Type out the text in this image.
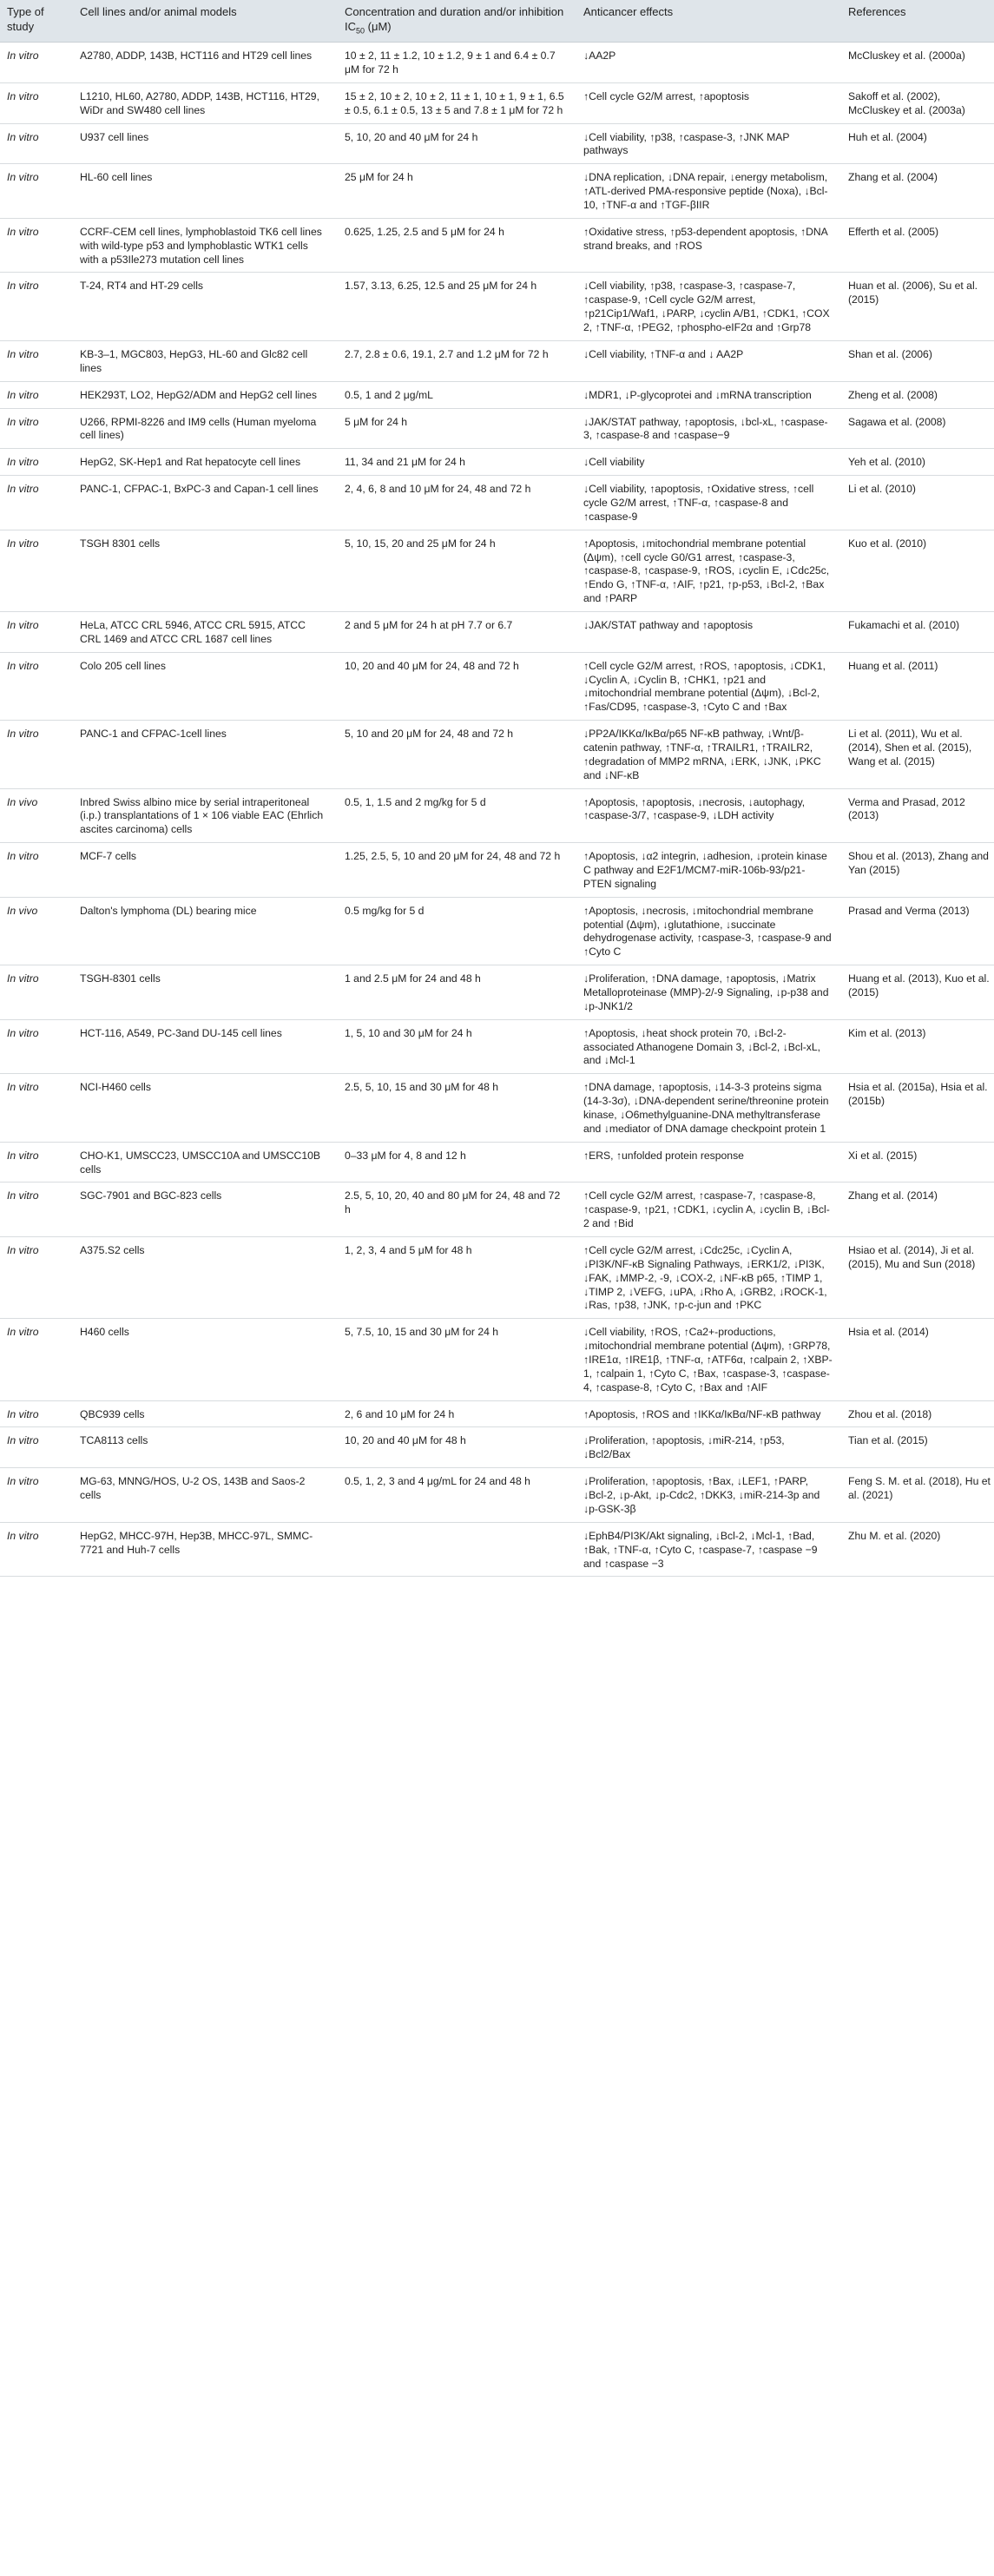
Type of study	Cell lines and/or animal models	Concentration and duration and/or inhibition $IC_{50}$ (μM)	Anticancer effects	References
In vitro	A2780, ADDP, 143B, HCT116 and HT29 cell lines	10 ± 2, 11 ± 1.2, 10 ± 1.2, 9 ± 1 and 6.4 ± 0.7 μM for 72 h	↓AA2P	McCluskey et al. (2000a)
In vitro	L1210, HL60, A2780, ADDP, 143B, HCT116, HT29, WiDr and SW480 cell lines	15 ± 2, 10 ± 2, 10 ± 2, 11 ± 1, 10 ± 1, 9 ± 1, 6.5 ± 0.5, 6.1 ± 0.5, 13 ± 5 and 7.8 ± 1 μM for 72 h	↑Cell cycle G2/M arrest, ↑apoptosis	Sakoff et al. (2002), McCluskey et al. (2003a)
In vitro	U937 cell lines	5, 10, 20 and 40 μM for 24 h	↓Cell viability, ↑p38, ↑caspase-3, ↑JNK MAP pathways	Huh et al. (2004)
In vitro	HL-60 cell lines	25 μM for 24 h	↓DNA replication, ↓DNA repair, ↓energy metabolism, ↑ATL-derived PMA-responsive peptide (Noxa), ↓Bcl-10, ↑TNF-α and ↑TGF-βIIR	Zhang et al. (2004)
In vitro	CCRF-CEM cell lines, lymphoblastoid TK6 cell lines with wild-type p53 and lymphoblastic WTK1 cells with a p53Ile273 mutation cell lines	0.625, 1.25, 2.5 and 5 μM for 24 h	↑Oxidative stress, ↑p53-dependent apoptosis, ↑DNA strand breaks, and ↑ROS	Efferth et al. (2005)
In vitro	T-24, RT4 and HT-29 cells	1.57, 3.13, 6.25, 12.5 and 25 μM for 24 h	↓Cell viability, ↑p38, ↑caspase-3, ↑caspase-7, ↑caspase-9, ↑Cell cycle G2/M arrest, ↑p21Cip1/Waf1, ↓PARP, ↓cyclin A/B1, ↑CDK1, ↑COX 2, ↑TNF-α, ↑PEG2, ↑phospho-eIF2α and ↑Grp78	Huan et al. (2006), Su et al. (2015)
In vitro	KB-3–1, MGC803, HepG3, HL-60 and Glc82 cell lines	2.7, 2.8 ± 0.6, 19.1, 2.7 and 1.2 μM for 72 h	↓Cell viability, ↑TNF-α and ↓ AA2P	Shan et al. (2006)
In vitro	HEK293T, LO2, HepG2/ADM and HepG2 cell lines	0.5, 1 and 2 μg/mL	↓MDR1, ↓P-glycoprotei and ↓mRNA transcription	Zheng et al. (2008)
In vitro	U266, RPMI-8226 and IM9 cells (Human myeloma cell lines)	5 μM for 24 h	↓JAK/STAT pathway, ↑apoptosis, ↓bcl-xL, ↑caspase-3, ↑caspase-8 and ↑caspase−9	Sagawa et al. (2008)
In vitro	HepG2, SK-Hep1 and Rat hepatocyte cell lines	11, 34 and 21 μM for 24 h	↓Cell viability	Yeh et al. (2010)
In vitro	PANC-1, CFPAC-1, BxPC-3 and Capan-1 cell lines	2, 4, 6, 8 and 10 μM for 24, 48 and 72 h	↓Cell viability, ↑apoptosis, ↑Oxidative stress, ↑cell cycle G2/M arrest, ↑TNF-α, ↑caspase-8 and ↑caspase-9	Li et al. (2010)
In vitro	TSGH 8301 cells	5, 10, 15, 20 and 25 μM for 24 h	↑Apoptosis, ↓mitochondrial membrane potential (Δψm), ↑cell cycle G0/G1 arrest, ↑caspase-3, ↑caspase-8, ↑caspase-9, ↑ROS, ↓cyclin E, ↓Cdc25c, ↑Endo G, ↑TNF-α, ↑AIF, ↑p21, ↑p-p53, ↓Bcl-2, ↑Bax and ↑PARP	Kuo et al. (2010)
In vitro	HeLa, ATCC CRL 5946, ATCC CRL 5915, ATCC CRL 1469 and ATCC CRL 1687 cell lines	2 and 5 μM for 24 h at pH 7.7 or 6.7	↓JAK/STAT pathway and ↑apoptosis	Fukamachi et al. (2010)
In vitro	Colo 205 cell lines	10, 20 and 40 μM for 24, 48 and 72 h	↑Cell cycle G2/M arrest, ↑ROS, ↑apoptosis, ↓CDK1, ↓Cyclin A, ↓Cyclin B, ↑CHK1, ↑p21 and ↓mitochondrial membrane potential (Δψm), ↓Bcl-2, ↑Fas/CD95, ↑caspase-3, ↑Cyto C and ↑Bax	Huang et al. (2011)
In vitro	PANC-1 and CFPAC-1cell lines	5, 10 and 20 μM for 24, 48 and 72 h	↓PP2A/IKKα/IκBα/p65 NF-κB pathway, ↓Wnt/β-catenin pathway, ↑TNF-α, ↑TRAILR1, ↑TRAILR2, ↑degradation of MMP2 mRNA, ↓ERK, ↓JNK, ↓PKC and ↓NF-κB	Li et al. (2011), Wu et al. (2014), Shen et al. (2015), Wang et al. (2015)
In vivo	Inbred Swiss albino mice by serial intraperitoneal (i.p.) transplantations of 1 × 106 viable EAC (Ehrlich ascites carcinoma) cells	0.5, 1, 1.5 and 2 mg/kg for 5 d	↑Apoptosis, ↑apoptosis, ↓necrosis, ↓autophagy, ↑caspase-3/7, ↑caspase-9, ↓LDH activity	Verma and Prasad, 2012 (2013)
In vitro	MCF-7 cells	1.25, 2.5, 5, 10 and 20 μM for 24, 48 and 72 h	↑Apoptosis, ↓α2 integrin, ↓adhesion, ↓protein kinase C pathway and E2F1/MCM7-miR-106b-93/p21-PTEN signaling	Shou et al. (2013), Zhang and Yan (2015)
In vivo	Dalton's lymphoma (DL) bearing mice	0.5 mg/kg for 5 d	↑Apoptosis, ↓necrosis, ↓mitochondrial membrane potential (Δψm), ↓glutathione, ↓succinate dehydrogenase activity, ↑caspase-3, ↑caspase-9 and ↑Cyto C	Prasad and Verma (2013)
In vitro	TSGH-8301 cells	1 and 2.5 μM for 24 and 48 h	↓Proliferation, ↑DNA damage, ↑apoptosis, ↓Matrix Metalloproteinase (MMP)-2/-9 Signaling, ↓p-p38 and ↓p-JNK1/2	Huang et al. (2013), Kuo et al. (2015)
In vitro	HCT-116, A549, PC-3and DU-145 cell lines	1, 5, 10 and 30 μM for 24 h	↑Apoptosis, ↓heat shock protein 70, ↓Bcl-2-associated Athanogene Domain 3, ↓Bcl-2, ↓Bcl-xL, and ↓Mcl-1	Kim et al. (2013)
In vitro	NCI-H460 cells	2.5, 5, 10, 15 and 30 μM for 48 h	↑DNA damage, ↑apoptosis, ↓14-3-3 proteins sigma (14-3-3σ), ↓DNA-dependent serine/threonine protein kinase, ↓O6methylguanine-DNA methyltransferase and ↓mediator of DNA damage checkpoint protein 1	Hsia et al. (2015a), Hsia et al. (2015b)
In vitro	CHO-K1, UMSCC23, UMSCC10A and UMSCC10B cells	0–33 μM for 4, 8 and 12 h	↑ERS, ↑unfolded protein response	Xi et al. (2015)
In vitro	SGC-7901 and BGC-823 cells	2.5, 5, 10, 20, 40 and 80 μM for 24, 48 and 72 h	↑Cell cycle G2/M arrest, ↑caspase-7, ↑caspase-8, ↑caspase-9, ↑p21, ↑CDK1, ↓cyclin A, ↓cyclin B, ↓Bcl-2 and ↑Bid	Zhang et al. (2014)
In vitro	A375.S2 cells	1, 2, 3, 4 and 5 μM for 48 h	↑Cell cycle G2/M arrest, ↓Cdc25c, ↓Cyclin A, ↓PI3K/NF-κB Signaling Pathways, ↓ERK1/2, ↓PI3K, ↓FAK, ↓MMP-2, -9, ↓COX-2, ↓NF-κB p65, ↑TIMP 1, ↓TIMP 2, ↓VEFG, ↓uPA, ↓Rho A, ↓GRB2, ↓ROCK-1, ↓Ras, ↑p38, ↑JNK, ↑p-c-jun and ↑PKC	Hsiao et al. (2014), Ji et al. (2015), Mu and Sun (2018)
In vitro	H460 cells	5, 7.5, 10, 15 and 30 μM for 24 h	↓Cell viability, ↑ROS, ↑Ca2+-productions, ↓mitochondrial membrane potential (Δψm), ↑GRP78, ↑IRE1α, ↑IRE1β, ↑TNF-α, ↑ATF6α, ↑calpain 2, ↑XBP-1, ↑calpain 1, ↑Cyto C, ↑Bax, ↑caspase-3, ↑caspase-4, ↑caspase-8, ↑Cyto C, ↑Bax and ↑AIF	Hsia et al. (2014)
In vitro	QBC939 cells	2, 6 and 10 μM for 24 h	↑Apoptosis, ↑ROS and ↑IKKα/IκBα/NF-κB pathway	Zhou et al. (2018)
In vitro	TCA8113 cells	10, 20 and 40 μM for 48 h	↓Proliferation, ↑apoptosis, ↓miR-214, ↑p53, ↓Bcl2/Bax	Tian et al. (2015)
In vitro	MG-63, MNNG/HOS, U-2 OS, 143B and Saos-2 cells	0.5, 1, 2, 3 and 4 μg/mL for 24 and 48 h	↓Proliferation, ↑apoptosis, ↑Bax, ↓LEF1, ↑PARP, ↓Bcl-2, ↓p-Akt, ↓p-Cdc2, ↑DKK3, ↓miR-214-3p and ↓p-GSK-3β	Feng S. M. et al. (2018), Hu et al. (2021)
In vitro	HepG2, MHCC-97H, Hep3B, MHCC-97L, SMMC-7721 and Huh-7 cells		↓EphB4/PI3K/Akt signaling, ↓Bcl-2, ↓Mcl-1, ↑Bad, ↑Bak, ↑TNF-α, ↑Cyto C, ↑caspase-7, ↑caspase −9 and ↑caspase −3	Zhu M. et al. (2020)
